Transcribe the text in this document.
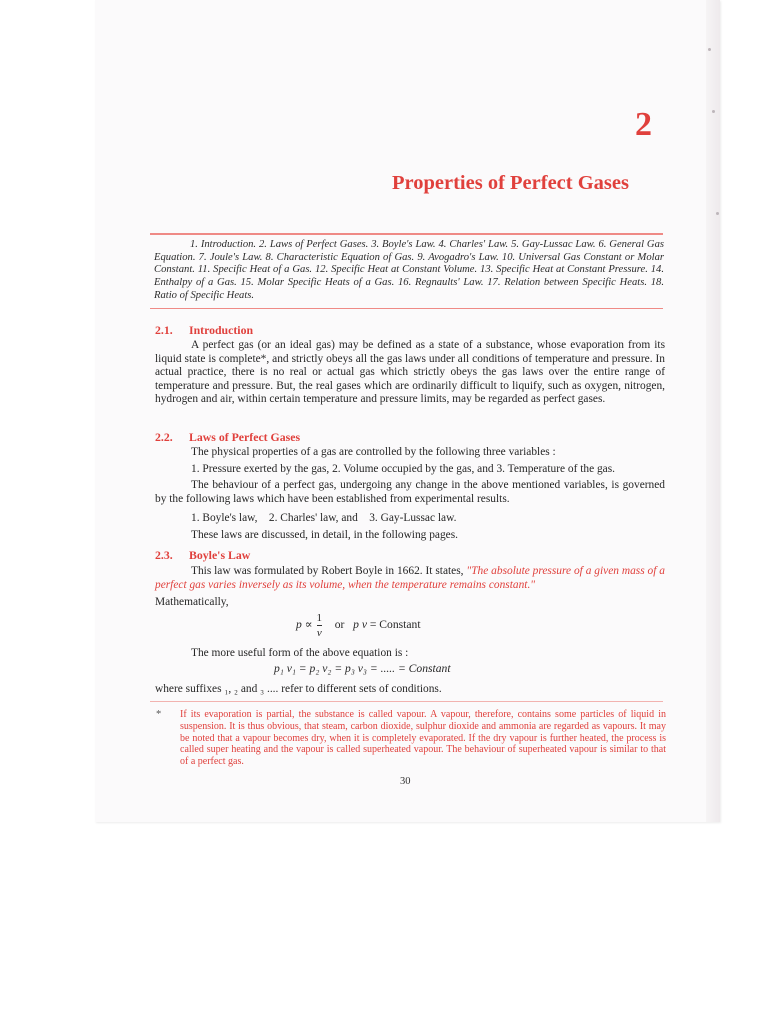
2
Properties of Perfect Gases

1. Introduction. 2. Laws of Perfect Gases. 3. Boyle's Law. 4. Charles' Law. 5. Gay-Lussac Law. 6. General Gas Equation. 7. Joule's Law. 8. Characteristic Equation of Gas. 9. Avogadro's Law. 10. Universal Gas Constant or Molar Constant. 11. Specific Heat of a Gas. 12. Specific Heat at Constant Volume. 13. Specific Heat at Constant Pressure. 14. Enthalpy of a Gas. 15. Molar Specific Heats of a Gas. 16. Regnaults' Law. 17. Relation between Specific Heats. 18. Ratio of Specific Heats.

2.1. Introduction
A perfect gas (or an ideal gas) may be defined as a state of a substance, whose evaporation from its liquid state is complete*, and strictly obeys all the gas laws under all conditions of temperature and pressure. In actual practice, there is no real or actual gas which strictly obeys the gas laws over the entire range of temperature and pressure. But, the real gases which are ordinarily difficult to liquify, such as oxygen, nitrogen, hydrogen and air, within certain temperature and pressure limits, may be regarded as perfect gases.
2.2. Laws of Perfect Gases
The physical properties of a gas are controlled by the following three variables :
1. Pressure exerted by the gas, 2. Volume occupied by the gas, and 3. Temperature of the gas.
The behaviour of a perfect gas, undergoing any change in the above mentioned variables, is governed by the following laws which have been established from experimental results.
1. Boyle's law, 2. Charles' law, and 3. Gay-Lussac law.
These laws are discussed, in detail, in the following pages.
2.3. Boyle's Law
This law was formulated by Robert Boyle in 1662. It states, "The absolute pressure of a given mass of a perfect gas varies inversely as its volume, when the temperature remains constant."
Mathematically,
$p \propto \frac{1}{v}$ or p v = Constant
The more useful form of the above equation is :
p₁ v₁ = p₂ v₂ = p₃ v₃ = ..... = Constant
where suffixes ₁, ₂ and ₃ .... refer to different sets of conditions.
* If its evaporation is partial, the substance is called vapour. A vapour, therefore, contains some particles of liquid in suspension. It is thus obvious, that steam, carbon dioxide, sulphur dioxide and ammonia are regarded as vapours. It may be noted that a vapour becomes dry, when it is completely evaporated. If the dry vapour is further heated, the process is called super heating and the vapour is called superheated vapour. The behaviour of superheated vapour is similar to that of a perfect gas.
30
